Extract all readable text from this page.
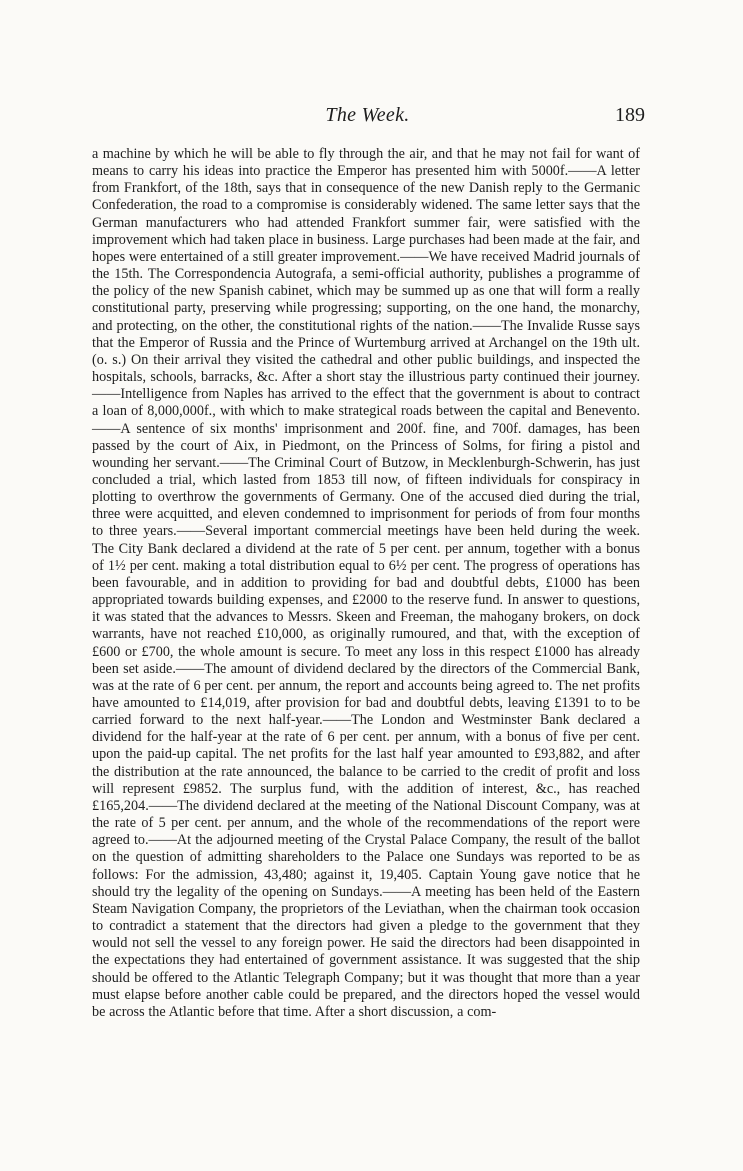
The Week.	189

a machine by which he will be able to fly through the air, and that he may not fail for want of means to carry his ideas into practice the Emperor has presented him with 5000f.——A letter from Frankfort, of the 18th, says that in consequence of the new Danish reply to the Germanic Confederation, the road to a compromise is considerably widened. The same letter says that the German manufacturers who had attended Frankfort summer fair, were satisfied with the improvement which had taken place in business. Large purchases had been made at the fair, and hopes were entertained of a still greater improvement.——We have received Madrid journals of the 15th. The Correspondencia Autografa, a semi-official authority, publishes a programme of the policy of the new Spanish cabinet, which may be summed up as one that will form a really constitutional party, preserving while progressing; supporting, on the one hand, the monarchy, and protecting, on the other, the constitutional rights of the nation.——The Invalide Russe says that the Emperor of Russia and the Prince of Wurtemburg arrived at Archangel on the 19th ult. (o. s.) On their arrival they visited the cathedral and other public buildings, and inspected the hospitals, schools, barracks, &c. After a short stay the illustrious party continued their journey.——Intelligence from Naples has arrived to the effect that the government is about to contract a loan of 8,000,000f., with which to make strategical roads between the capital and Benevento.——A sentence of six months' imprisonment and 200f. fine, and 700f. damages, has been passed by the court of Aix, in Piedmont, on the Princess of Solms, for firing a pistol and wounding her servant.——The Criminal Court of Butzow, in Mecklenburgh-Schwerin, has just concluded a trial, which lasted from 1853 till now, of fifteen individuals for conspiracy in plotting to overthrow the governments of Germany. One of the accused died during the trial, three were acquitted, and eleven condemned to imprisonment for periods of from four months to three years.——Several important commercial meetings have been held during the week. The City Bank declared a dividend at the rate of 5 per cent. per annum, together with a bonus of 1½ per cent. making a total distribution equal to 6½ per cent. The progress of operations has been favourable, and in addition to providing for bad and doubtful debts, £1000 has been appropriated towards building expenses, and £2000 to the reserve fund. In answer to questions, it was stated that the advances to Messrs. Skeen and Freeman, the mahogany brokers, on dock warrants, have not reached £10,000, as originally rumoured, and that, with the exception of £600 or £700, the whole amount is secure. To meet any loss in this respect £1000 has already been set aside.——The amount of dividend declared by the directors of the Commercial Bank, was at the rate of 6 per cent. per annum, the report and accounts being agreed to. The net profits have amounted to £14,019, after provision for bad and doubtful debts, leaving £1391 to to be carried forward to the next half-year.——The London and Westminster Bank declared a dividend for the half-year at the rate of 6 per cent. per annum, with a bonus of five per cent. upon the paid-up capital. The net profits for the last half year amounted to £93,882, and after the distribution at the rate announced, the balance to be carried to the credit of profit and loss will represent £9852. The surplus fund, with the addition of interest, &c., has reached £165,204.——The dividend declared at the meeting of the National Discount Company, was at the rate of 5 per cent. per annum, and the whole of the recommendations of the report were agreed to.——At the adjourned meeting of the Crystal Palace Company, the result of the ballot on the question of admitting shareholders to the Palace one Sundays was reported to be as follows: For the admission, 43,480; against it, 19,405. Captain Young gave notice that he should try the legality of the opening on Sundays.——A meeting has been held of the Eastern Steam Navigation Company, the proprietors of the Leviathan, when the chairman took occasion to contradict a statement that the directors had given a pledge to the government that they would not sell the vessel to any foreign power. He said the directors had been disappointed in the expectations they had entertained of government assistance. It was suggested that the ship should be offered to the Atlantic Telegraph Company; but it was thought that more than a year must elapse before another cable could be prepared, and the directors hoped the vessel would be across the Atlantic before that time. After a short discussion, a com-
